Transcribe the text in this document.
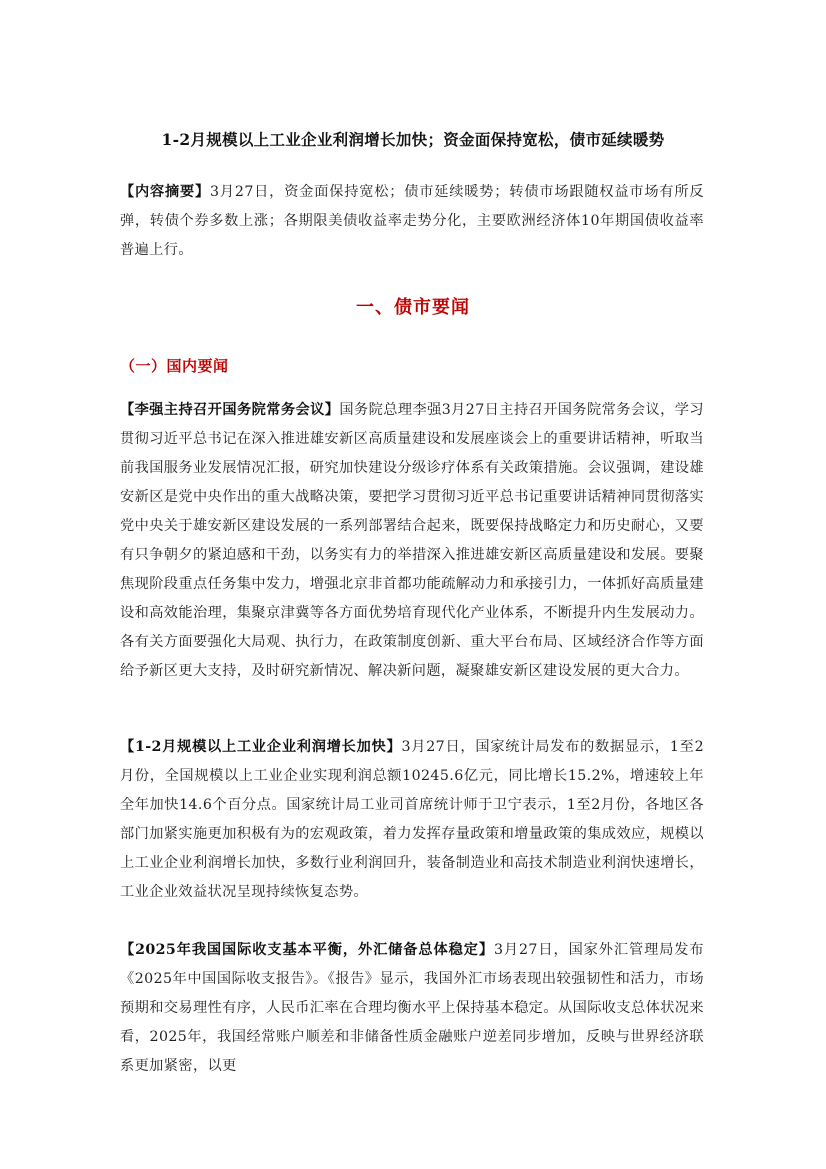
1-2月规模以上工业企业利润增长加快；资金面保持宽松，债市延续暖势

【内容摘要】3月27日，资金面保持宽松；债市延续暖势；转债市场跟随权益市场有所反弹，转债个券多数上涨；各期限美债收益率走势分化，主要欧洲经济体10年期国债收益率普遍上行。

一、债市要闻
（一）国内要闻

【李强主持召开国务院常务会议】国务院总理李强3月27日主持召开国务院常务会议，学习贯彻习近平总书记在深入推进雄安新区高质量建设和发展座谈会上的重要讲话精神，听取当前我国服务业发展情况汇报，研究加快建设分级诊疗体系有关政策措施。会议强调，建设雄安新区是党中央作出的重大战略决策，要把学习贯彻习近平总书记重要讲话精神同贯彻落实党中央关于雄安新区建设发展的一系列部署结合起来，既要保持战略定力和历史耐心，又要有只争朝夕的紧迫感和干劲，以务实有力的举措深入推进雄安新区高质量建设和发展。要聚焦现阶段重点任务集中发力，增强北京非首都功能疏解动力和承接引力，一体抓好高质量建设和高效能治理，集聚京津冀等各方面优势培育现代化产业体系，不断提升内生发展动力。各有关方面要强化大局观、执行力，在政策制度创新、重大平台布局、区域经济合作等方面给予新区更大支持，及时研究新情况、解决新问题，凝聚雄安新区建设发展的更大合力。

【1-2月规模以上工业企业利润增长加快】3月27日，国家统计局发布的数据显示，1至2月份，全国规模以上工业企业实现利润总额10245.6亿元，同比增长15.2%，增速较上年全年加快14.6个百分点。国家统计局工业司首席统计师于卫宁表示，1至2月份，各地区各部门加紧实施更加积极有为的宏观政策，着力发挥存量政策和增量政策的集成效应，规模以上工业企业利润增长加快，多数行业利润回升，装备制造业和高技术制造业利润快速增长，工业企业效益状况呈现持续恢复态势。

【2025年我国国际收支基本平衡，外汇储备总体稳定】3月27日，国家外汇管理局发布《2025年中国国际收支报告》。《报告》显示，我国外汇市场表现出较强韧性和活力，市场预期和交易理性有序，人民币汇率在合理均衡水平上保持基本稳定。从国际收支总体状况来看，2025年，我国经常账户顺差和非储备性质金融账户逆差同步增加，反映与世界经济联系更加紧密，以更
